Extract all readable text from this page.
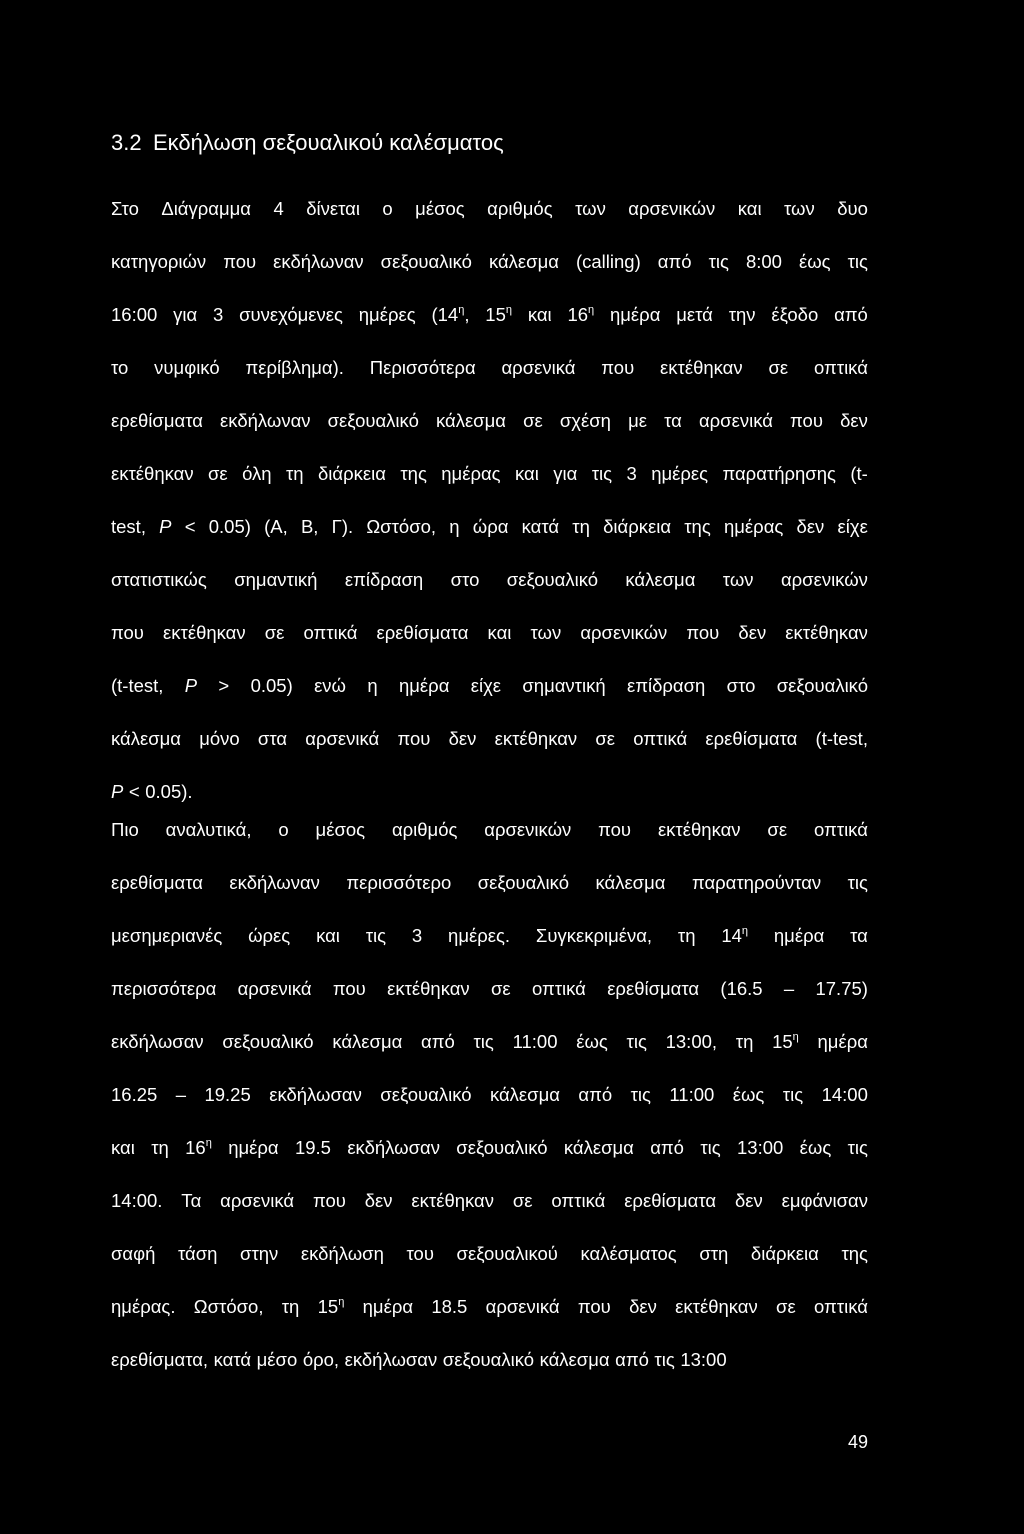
3.2 Εκδήλωση σεξουαλικού καλέσματος
Στο Διάγραμμα 4 δίνεται ο μέσος αριθμός των αρσενικών και των δυο
κατηγοριών που εκδήλωναν σεξουαλικό κάλεσμα (calling) από τις 8:00 έως τις
16:00 για 3 συνεχόμενες ημέρες ($14^\eta$, $15^\eta$ και $16^\eta$ ημέρα μετά την έξοδο από
το νυμφικό περίβλημα). Περισσότερα αρσενικά που εκτέθηκαν σε οπτικά
ερεθίσματα εκδήλωναν σεξουαλικό κάλεσμα σε σχέση με τα αρσενικά που δεν
εκτέθηκαν σε όλη τη διάρκεια της ημέρας και για τις 3 ημέρες παρατήρησης (t-
test, P < 0.05) (Α, Β, Γ). Ωστόσο, η ώρα κατά τη διάρκεια της ημέρας δεν είχε
στατιστικώς σημαντική επίδραση στο σεξουαλικό κάλεσμα των αρσενικών
που εκτέθηκαν σε οπτικά ερεθίσματα και των αρσενικών που δεν εκτέθηκαν
(t-test, P > 0.05) ενώ η ημέρα είχε σημαντική επίδραση στο σεξουαλικό
κάλεσμα μόνο στα αρσενικά που δεν εκτέθηκαν σε οπτικά ερεθίσματα (t-test,
P < 0.05).
Πιο αναλυτικά, ο μέσος αριθμός αρσενικών που εκτέθηκαν σε οπτικά
ερεθίσματα εκδήλωναν περισσότερο σεξουαλικό κάλεσμα παρατηρούνταν τις
μεσημεριανές ώρες και τις 3 ημέρες. Συγκεκριμένα, τη $14^\eta$ ημέρα τα
περισσότερα αρσενικά που εκτέθηκαν σε οπτικά ερεθίσματα (16.5 – 17.75)
εκδήλωσαν σεξουαλικό κάλεσμα από τις 11:00 έως τις 13:00, τη $15^\eta$ ημέρα
16.25 – 19.25 εκδήλωσαν σεξουαλικό κάλεσμα από τις 11:00 έως τις 14:00
και τη $16^\eta$ ημέρα 19.5 εκδήλωσαν σεξουαλικό κάλεσμα από τις 13:00 έως τις
14:00. Τα αρσενικά που δεν εκτέθηκαν σε οπτικά ερεθίσματα δεν εμφάνισαν
σαφή τάση στην εκδήλωση του σεξουαλικού καλέσματος στη διάρκεια της
ημέρας. Ωστόσο, τη $15^\eta$ ημέρα 18.5 αρσενικά που δεν εκτέθηκαν σε οπτικά
ερεθίσματα, κατά μέσο όρο, εκδήλωσαν σεξουαλικό κάλεσμα από τις 13:00
49
